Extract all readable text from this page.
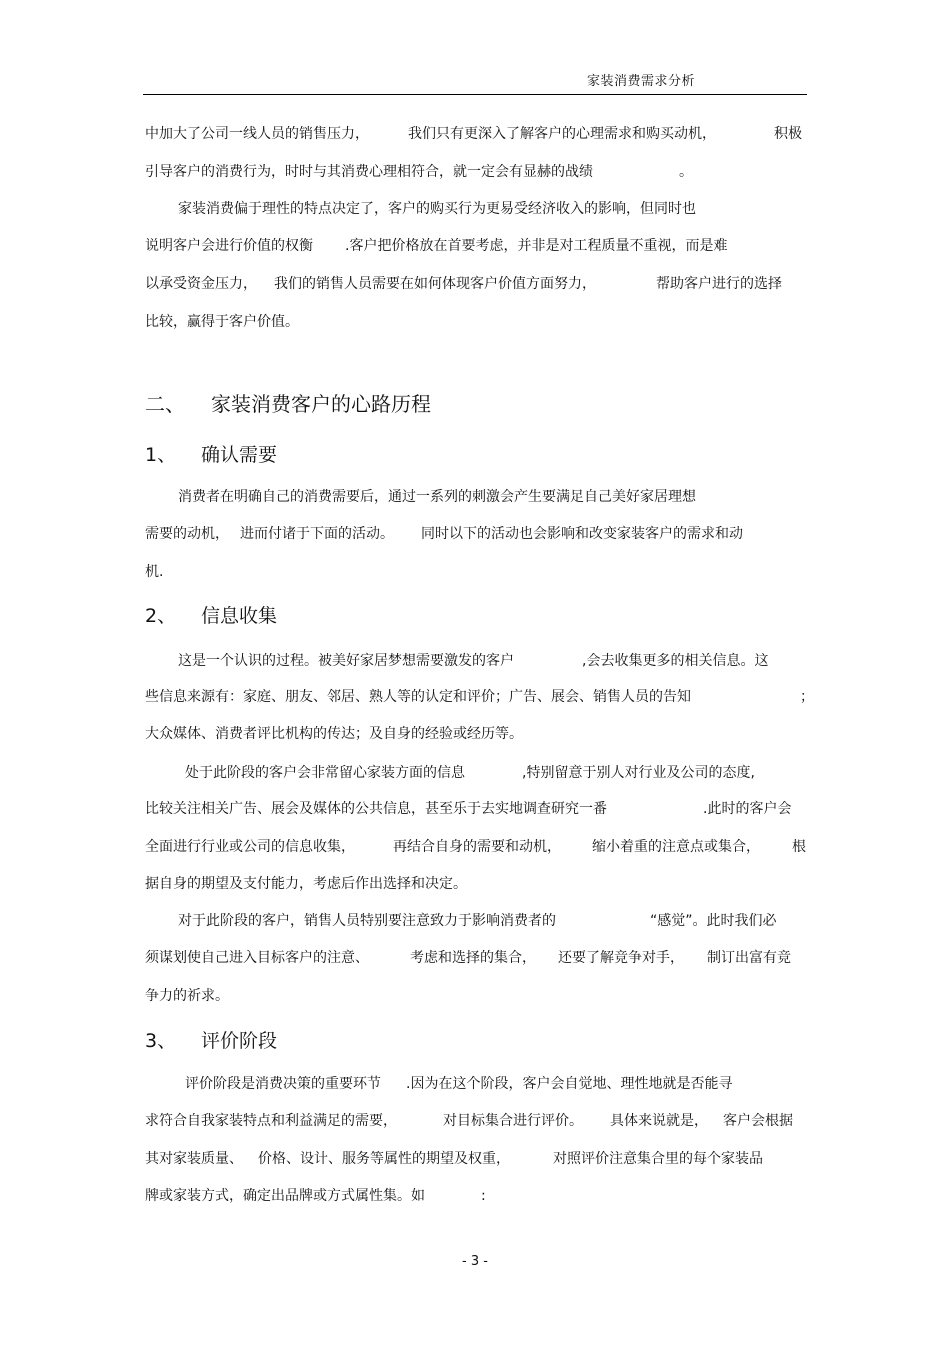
家装消费需求分析
中加大了公司一线人员的销售压力，	我们只有更深入了解客户的心理需求和购买动机，	积极
引导客户的消费行为，时时与其消费心理相符合，就一定会有显赫的战绩	。
家装消费偏于理性的特点决定了，客户的购买行为更易受经济收入的影响，但同时也
说明客户会进行价值的权衡 .客户把价格放在首要考虑，并非是对工程质量不重视，而是难
以承受资金压力， 我们的销售人员需要在如何体现客户价值方面努力，	帮助客户进行的选择
比较，赢得于客户价值。
二、 家装消费客户的心路历程
1、 确认需要
消费者在明确自己的消费需要后，通过一系列的刺激会产生要满足自己美好家居理想
需要的动机， 进而付诸于下面的活动。 同时以下的活动也会影响和改变家装客户的需求和动
机.
2、 信息收集
这是一个认识的过程。被美好家居梦想需要激发的客户	,会去收集更多的相关信息。这
些信息来源有：家庭、朋友、邻居、熟人等的认定和评价；广告、展会、销售人员的告知	；
大众媒体、消费者评比机构的传达；及自身的经验或经历等。
处于此阶段的客户会非常留心家装方面的信息	,特别留意于别人对行业及公司的态度,
比较关注相关广告、展会及媒体的公共信息，甚至乐于去实地调查研究一番	.此时的客户会
全面进行行业或公司的信息收集，	再结合自身的需要和动机， 缩小着重的注意点或集合， 根
据自身的期望及支付能力，考虑后作出选择和决定。
对于此阶段的客户，销售人员特别要注意致力于影响消费者的	“感觉”。此时我们必
须谋划使自己进入目标客户的注意、	考虑和选择的集合， 还要了解竞争对手， 制订出富有竞
争力的祈求。
3、 评价阶段
评价阶段是消费决策的重要环节 .因为在这个阶段，客户会自觉地、理性地就是否能寻
求符合自我家装特点和利益满足的需要，	对目标集合进行评价。 具体来说就是， 客户会根据
其对家装质量、 价格、设计、服务等属性的期望及权重，	对照评价注意集合里的每个家装品
牌或家装方式，确定出品牌或方式属性集。如	:
- 3 -
